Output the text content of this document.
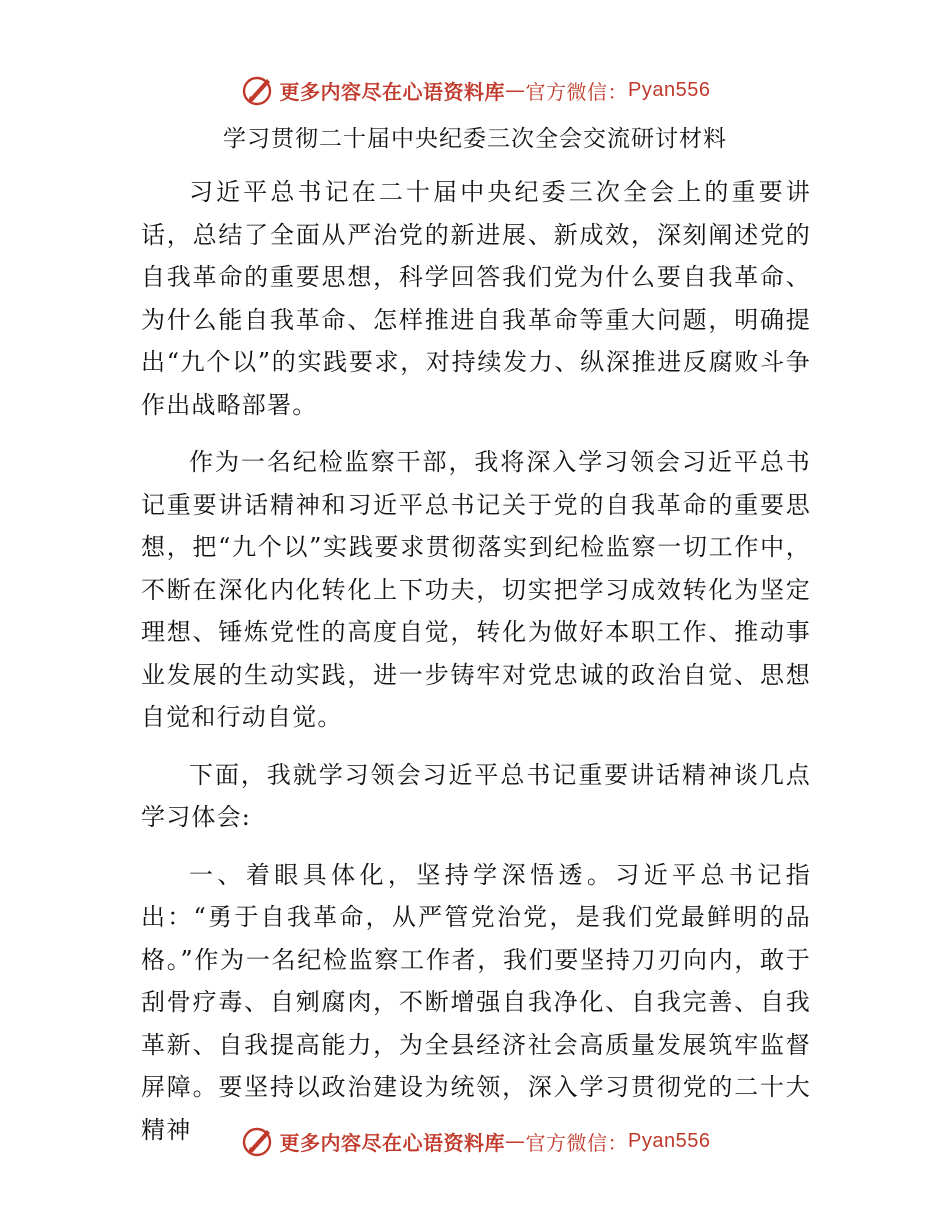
更多内容尽在心语资料库 — 官方微信： Pyan556
学习贯彻二十届中央纪委三次全会交流研讨材料

习近平总书记在二十届中央纪委三次全会上的重要讲话，总结了全面从严治党的新进展、新成效，深刻阐述党的自我革命的重要思想，科学回答我们党为什么要自我革命、为什么能自我革命、怎样推进自我革命等重大问题，明确提出“九个以”的实践要求，对持续发力、纵深推进反腐败斗争作出战略部署。

作为一名纪检监察干部，我将深入学习领会习近平总书记重要讲话精神和习近平总书记关于党的自我革命的重要思想，把“九个以”实践要求贯彻落实到纪检监察一切工作中，不断在深化内化转化上下功夫，切实把学习成效转化为坚定理想、锤炼党性的高度自觉，转化为做好本职工作、推动事业发展的生动实践，进一步铸牢对党忠诚的政治自觉、思想自觉和行动自觉。

下面，我就学习领会习近平总书记重要讲话精神谈几点学习体会:

一、着眼具体化，坚持学深悟透。习近平总书记指出：“勇于自我革命，从严管党治党，是我们党最鲜明的品格。”作为一名纪检监察工作者，我们要坚持刀刃向内，敢于刮骨疗毒、自剜腐肉，不断增强自我净化、自我完善、自我革新、自我提高能力，为全县经济社会高质量发展筑牢监督屏障。要坚持以政治建设为统领，深入学习贯彻党的二十大精神	更多内容尽在心语资料库 — 官方微信： Pyan556
